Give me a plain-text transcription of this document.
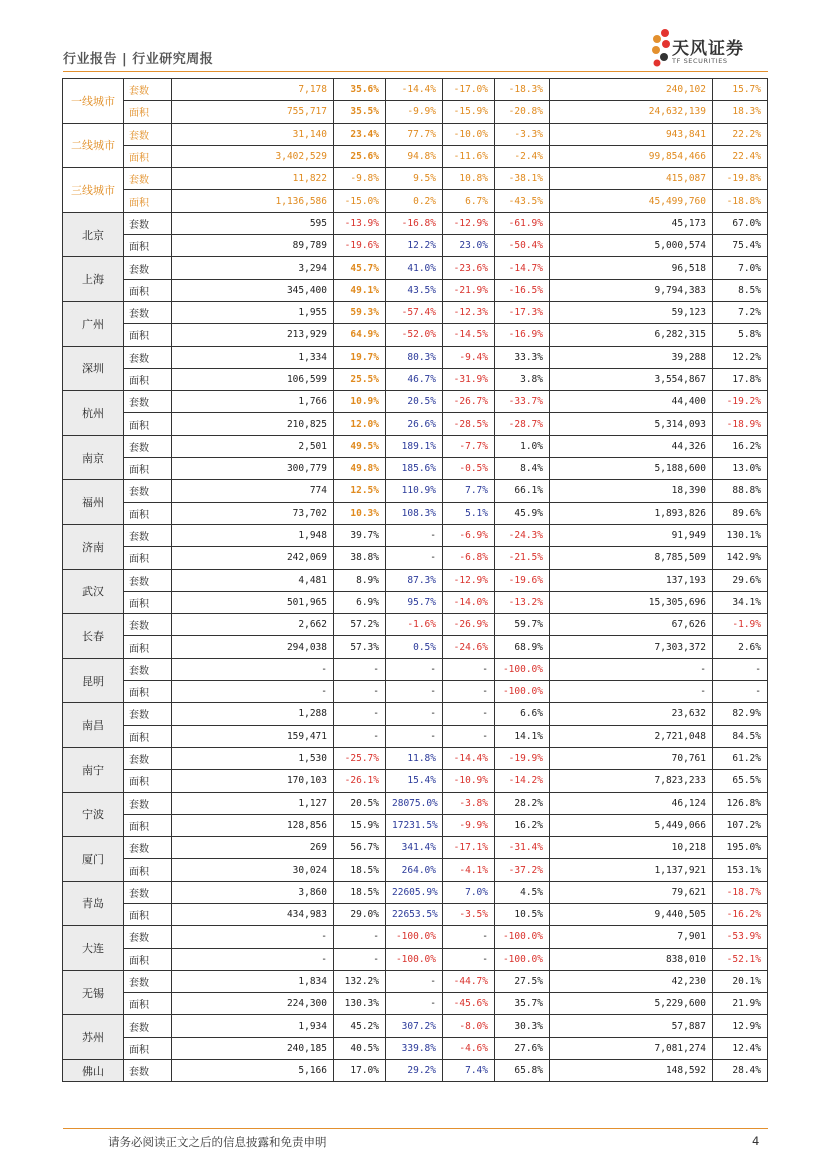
行业报告 | 行业研究周报
天风证券
TF SECURITIES
一线城市	套数	7,178	35.6%	-14.4%	-17.0%	-18.3%	240,102	15.7%
	面积	755,717	35.5%	-9.9%	-15.9%	-20.8%	24,632,139	18.3%
二线城市	套数	31,140	23.4%	77.7%	-10.0%	-3.3%	943,841	22.2%
	面积	3,402,529	25.6%	94.8%	-11.6%	-2.4%	99,854,466	22.4%
三线城市	套数	11,822	-9.8%	9.5%	10.8%	-38.1%	415,087	-19.8%
	面积	1,136,586	-15.0%	0.2%	6.7%	-43.5%	45,499,760	-18.8%
北京	套数	595	-13.9%	-16.8%	-12.9%	-61.9%	45,173	67.0%
	面积	89,789	-19.6%	12.2%	23.0%	-50.4%	5,000,574	75.4%
上海	套数	3,294	45.7%	41.0%	-23.6%	-14.7%	96,518	7.0%
	面积	345,400	49.1%	43.5%	-21.9%	-16.5%	9,794,383	8.5%
广州	套数	1,955	59.3%	-57.4%	-12.3%	-17.3%	59,123	7.2%
	面积	213,929	64.9%	-52.0%	-14.5%	-16.9%	6,282,315	5.8%
深圳	套数	1,334	19.7%	80.3%	-9.4%	33.3%	39,288	12.2%
	面积	106,599	25.5%	46.7%	-31.9%	3.8%	3,554,867	17.8%
杭州	套数	1,766	10.9%	20.5%	-26.7%	-33.7%	44,400	-19.2%
	面积	210,825	12.0%	26.6%	-28.5%	-28.7%	5,314,093	-18.9%
南京	套数	2,501	49.5%	189.1%	-7.7%	1.0%	44,326	16.2%
	面积	300,779	49.8%	185.6%	-0.5%	8.4%	5,188,600	13.0%
福州	套数	774	12.5%	110.9%	7.7%	66.1%	18,390	88.8%
	面积	73,702	10.3%	108.3%	5.1%	45.9%	1,893,826	89.6%
济南	套数	1,948	39.7%	-	-6.9%	-24.3%	91,949	130.1%
	面积	242,069	38.8%	-	-6.8%	-21.5%	8,785,509	142.9%
武汉	套数	4,481	8.9%	87.3%	-12.9%	-19.6%	137,193	29.6%
	面积	501,965	6.9%	95.7%	-14.0%	-13.2%	15,305,696	34.1%
长春	套数	2,662	57.2%	-1.6%	-26.9%	59.7%	67,626	-1.9%
	面积	294,038	57.3%	0.5%	-24.6%	68.9%	7,303,372	2.6%
昆明	套数	-	-	-	-	-100.0%	-	-
	面积	-	-	-	-	-100.0%	-	-
南昌	套数	1,288	-	-	-	6.6%	23,632	82.9%
	面积	159,471	-	-	-	14.1%	2,721,048	84.5%
南宁	套数	1,530	-25.7%	11.8%	-14.4%	-19.9%	70,761	61.2%
	面积	170,103	-26.1%	15.4%	-10.9%	-14.2%	7,823,233	65.5%
宁波	套数	1,127	20.5%	28075.0%	-3.8%	28.2%	46,124	126.8%
	面积	128,856	15.9%	17231.5%	-9.9%	16.2%	5,449,066	107.2%
厦门	套数	269	56.7%	341.4%	-17.1%	-31.4%	10,218	195.0%
	面积	30,024	18.5%	264.0%	-4.1%	-37.2%	1,137,921	153.1%
青岛	套数	3,860	18.5%	22605.9%	7.0%	4.5%	79,621	-18.7%
	面积	434,983	29.0%	22653.5%	-3.5%	10.5%	9,440,505	-16.2%
大连	套数	-	-	-100.0%	-	-100.0%	7,901	-53.9%
	面积	-	-	-100.0%	-	-100.0%	838,010	-52.1%
无锡	套数	1,834	132.2%	-	-44.7%	27.5%	42,230	20.1%
	面积	224,300	130.3%	-	-45.6%	35.7%	5,229,600	21.9%
苏州	套数	1,934	45.2%	307.2%	-8.0%	30.3%	57,887	12.9%
	面积	240,185	40.5%	339.8%	-4.6%	27.6%	7,081,274	12.4%
佛山	套数	5,166	17.0%	29.2%	7.4%	65.8%	148,592	28.4%
请务必阅读正文之后的信息披露和免责申明	4
